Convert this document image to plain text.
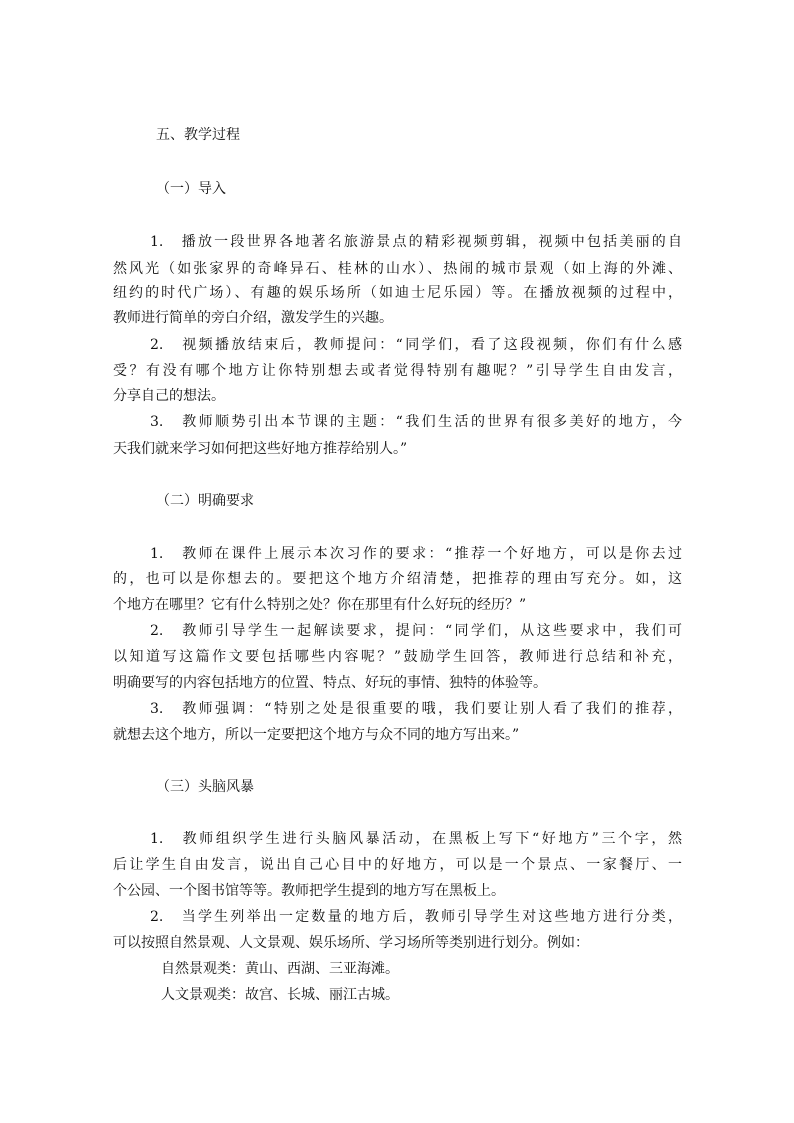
五、教学过程
（一）导入

1.　播放一段世界各地著名旅游景点的精彩视频剪辑，视频中包括美丽的自

然风光（如张家界的奇峰异石、桂林的山水）、热闹的城市景观（如上海的外滩、

纽约的时代广场）、有趣的娱乐场所（如迪士尼乐园）等。在播放视频的过程中，

教师进行简单的旁白介绍，激发学生的兴趣。

2.　视频播放结束后，教师提问：“同学们，看了这段视频，你们有什么感

受？有没有哪个地方让你特别想去或者觉得特别有趣呢？”引导学生自由发言，

分享自己的想法。

3.　教师顺势引出本节课的主题：“我们生活的世界有很多美好的地方，今

天我们就来学习如何把这些好地方推荐给别人。”

（二）明确要求

1.　教师在课件上展示本次习作的要求：“推荐一个好地方，可以是你去过

的，也可以是你想去的。要把这个地方介绍清楚，把推荐的理由写充分。如，这

个地方在哪里？它有什么特别之处？你在那里有什么好玩的经历？”

2.　教师引导学生一起解读要求，提问：“同学们，从这些要求中，我们可

以知道写这篇作文要包括哪些内容呢？”鼓励学生回答，教师进行总结和补充，

明确要写的内容包括地方的位置、特点、好玩的事情、独特的体验等。

3.　教师强调：“特别之处是很重要的哦，我们要让别人看了我们的推荐，

就想去这个地方，所以一定要把这个地方与众不同的地方写出来。”

（三）头脑风暴

1.　教师组织学生进行头脑风暴活动，在黑板上写下“好地方”三个字，然

后让学生自由发言，说出自己心目中的好地方，可以是一个景点、一家餐厅、一

个公园、一个图书馆等等。教师把学生提到的地方写在黑板上。

2.　当学生列举出一定数量的地方后，教师引导学生对这些地方进行分类，

可以按照自然景观、人文景观、娱乐场所、学习场所等类别进行划分。例如：

自然景观类：黄山、西湖、三亚海滩。

人文景观类：故宫、长城、丽江古城。
